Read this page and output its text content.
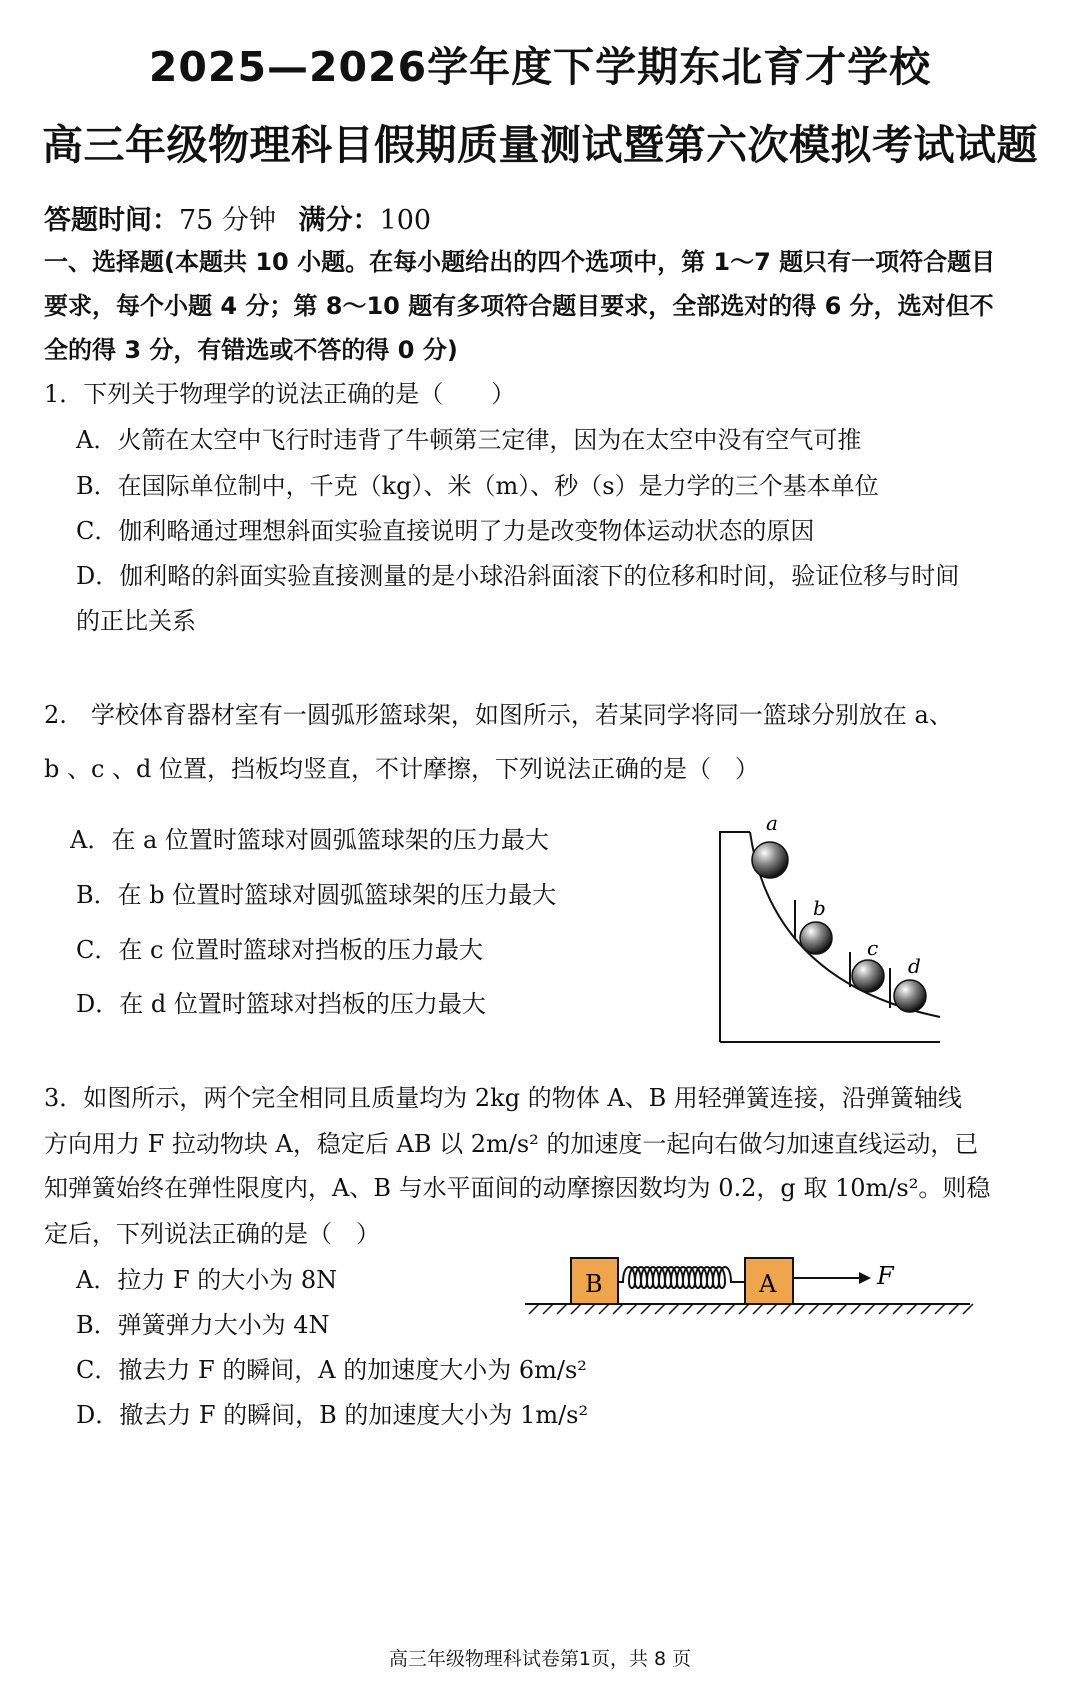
2025—2026学年度下学期东北育才学校
高三年级物理科目假期质量测试暨第六次模拟考试试题
答题时间：75 分钟 满分：100
一、选择题(本题共 10 小题。在每小题给出的四个选项中，第 1～7 题只有一项符合题目
要求，每个小题 4 分；第 8～10 题有多项符合题目要求，全部选对的得 6 分，选对但不
全的得 3 分，有错选或不答的得 0 分)
1．下列关于物理学的说法正确的是（　　）
A．火箭在太空中飞行时违背了牛顿第三定律，因为在太空中没有空气可推
B．在国际单位制中，千克（kg）、米（m）、秒（s）是力学的三个基本单位
C．伽利略通过理想斜面实验直接说明了力是改变物体运动状态的原因
D．伽利略的斜面实验直接测量的是小球沿斜面滚下的位移和时间，验证位移与时间
的正比关系
2.　学校体育器材室有一圆弧形篮球架，如图所示，若某同学将同一篮球分别放在 a、
b 、c 、d 位置，挡板均竖直，不计摩擦，下列说法正确的是（　）
A．在 a 位置时篮球对圆弧篮球架的压力最大
B．在 b 位置时篮球对圆弧篮球架的压力最大
C．在 c 位置时篮球对挡板的压力最大
D．在 d 位置时篮球对挡板的压力最大
a
b
c
d
3．如图所示，两个完全相同且质量均为 2kg 的物体 A、B 用轻弹簧连接，沿弹簧轴线
方向用力 F 拉动物块 A，稳定后 AB 以 2m/s² 的加速度一起向右做匀加速直线运动，已
知弹簧始终在弹性限度内，A、B 与水平面间的动摩擦因数均为 0.2，g 取 10m/s²。则稳
定后，下列说法正确的是（　）
A．拉力 F 的大小为 8N
B．弹簧弹力大小为 4N
C．撤去力 F 的瞬间，A 的加速度大小为 6m/s²
D．撤去力 F 的瞬间，B 的加速度大小为 1m/s²
B	A	F
高三年级物理科试卷第1页，共 8 页
